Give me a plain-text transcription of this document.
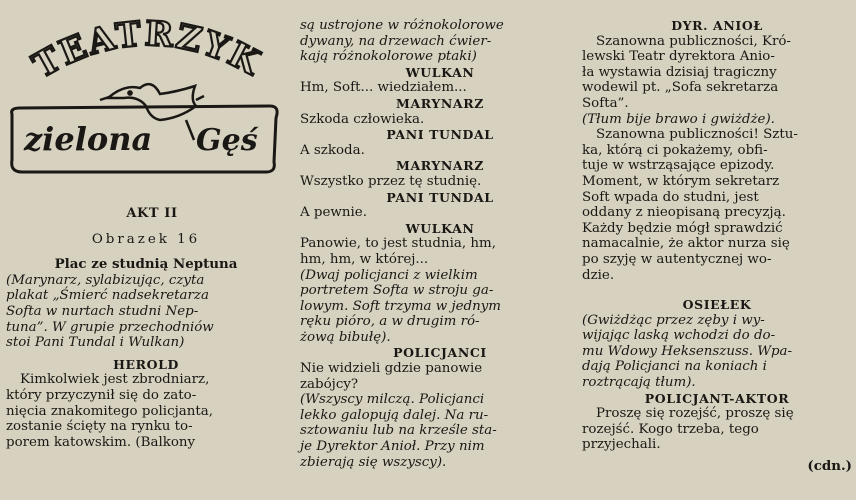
TEATRZYK
zielona Gęś

AKT II

Obrazek 16

Plac ze studnią Neptuna

(Marynarz, sylabizując, czyta

plakat „Śmierć nadsekretarza

Softa w nurtach studni Nep-

tuna”. W grupie przechodniów

stoi Pani Tundal i Wulkan)

HEROLD

Kimkolwiek jest zbrodniarz,

który przyczynił się do zato-

nięcia znakomitego policjanta,

zostanie ścięty na rynku to-

porem katowskim. (Balkony

są ustrojone w różnokolorowe

dywany, na drzewach ćwier-

kają różnokolorowe ptaki)

WULKAN

Hm, Soft... wiedziałem...

MARYNARZ

Szkoda człowieka.

PANI TUNDAL

A szkoda.

MARYNARZ

Wszystko przez tę studnię.

PANI TUNDAL

A pewnie.

WULKAN

Panowie, to jest studnia, hm,

hm, hm, w której...

(Dwaj policjanci z wielkim

portretem Softa w stroju ga-

lowym. Soft trzyma w jednym

ręku pióro, a w drugim ró-

żową bibułę).

POLICJANCI

Nie widzieli gdzie panowie

zabójcy?

(Wszyscy milczą. Policjanci

lekko galopują dalej. Na ru-

sztowaniu lub na krześle sta-

je Dyrektor Anioł. Przy nim

zbierają się wszyscy).

DYR. ANIOŁ

Szanowna publiczności, Kró-

lewski Teatr dyrektora Anio-

ła wystawia dzisiaj tragiczny

wodewil pt. „Sofa sekretarza

Softa”.

(Tłum bije brawo i gwiżdże).

Szanowna publiczności! Sztu-

ka, którą ci pokażemy, obfi-

tuje w wstrząsające epizody.

Moment, w którym sekretarz

Soft wpada do studni, jest

oddany z nieopisaną precyzją.

Każdy będzie mógł sprawdzić

namacalnie, że aktor nurza się

po szyję w autentycznej wo-

dzie.

OSIEŁEK

(Gwiżdżąc przez zęby i wy-

wijając laską wchodzi do do-

mu Wdowy Heksenszuss. Wpa-

dają Policjanci na koniach i

roztrącają tłum).

POLICJANT-AKTOR

Proszę się rozejść, proszę się

rozejść. Kogo trzeba, tego

przyjechali.

(cdn.)
